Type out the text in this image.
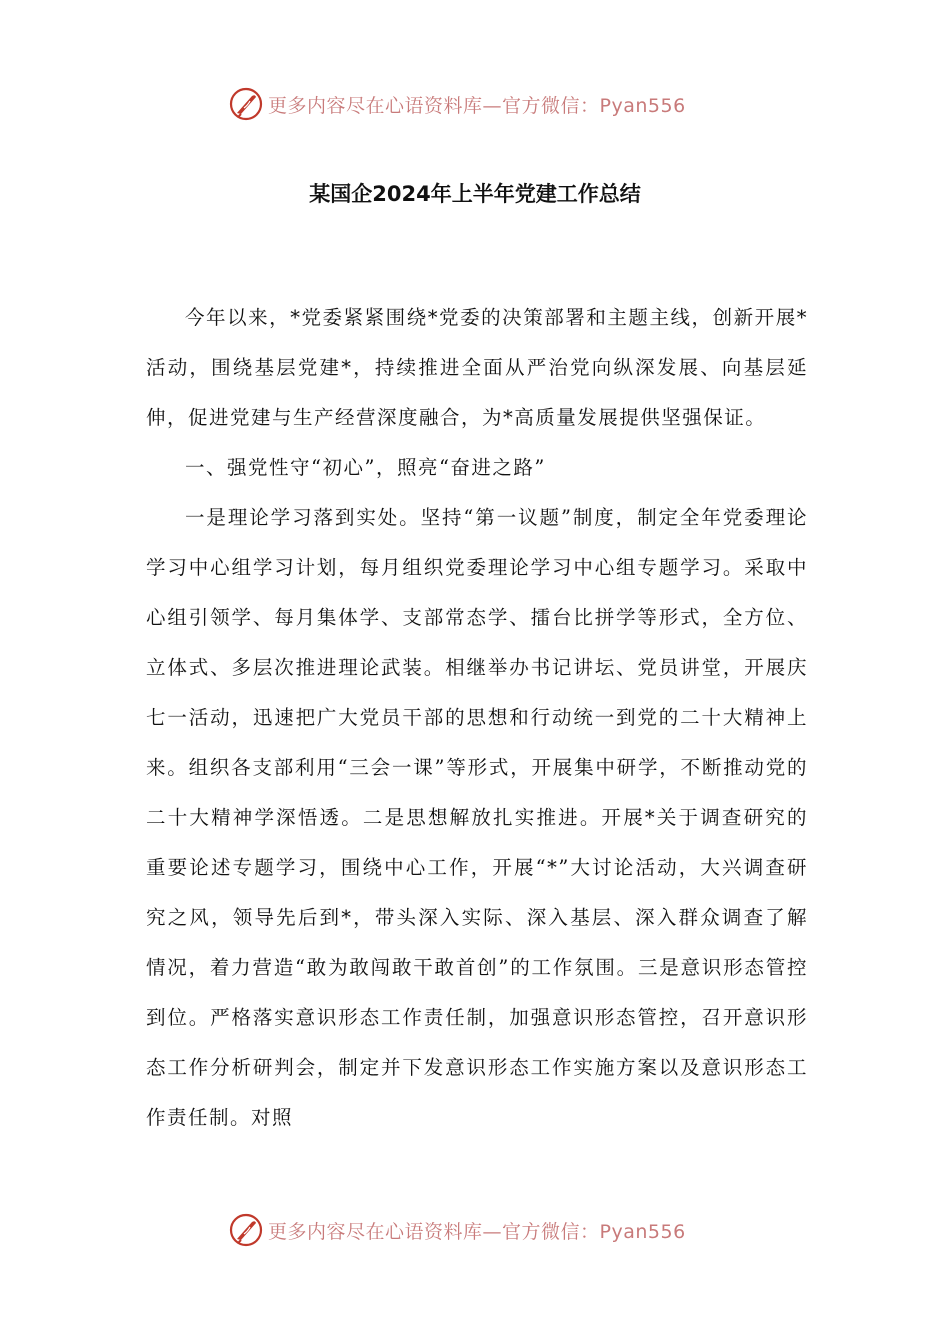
更多内容尽在心语资料库—官方微信：Pyan556
某国企2024年上半年党建工作总结

今年以来，*党委紧紧围绕*党委的决策部署和主题主线，创新开展*活动，围绕基层党建*，持续推进全面从严治党向纵深发展、向基层延伸，促进党建与生产经营深度融合，为*高质量发展提供坚强保证。

一、强党性守“初心”，照亮“奋进之路”

一是理论学习落到实处。坚持“第一议题”制度，制定全年党委理论学习中心组学习计划，每月组织党委理论学习中心组专题学习。采取中心组引领学、每月集体学、支部常态学、擂台比拼学等形式，全方位、立体式、多层次推进理论武装。相继举办书记讲坛、党员讲堂，开展庆七一活动，迅速把广大党员干部的思想和行动统一到党的二十大精神上来。组织各支部利用“三会一课”等形式，开展集中研学，不断推动党的二十大精神学深悟透。二是思想解放扎实推进。开展*关于调查研究的重要论述专题学习，围绕中心工作，开展“*”大讨论活动，大兴调查研究之风，领导先后到*，带头深入实际、深入基层、深入群众调查了解情况，着力营造“敢为敢闯敢干敢首创”的工作氛围。三是意识形态管控到位。严格落实意识形态工作责任制，加强意识形态管控，召开意识形态工作分析研判会，制定并下发意识形态工作实施方案以及意识形态工作责任制。对照

更多内容尽在心语资料库—官方微信：Pyan556
